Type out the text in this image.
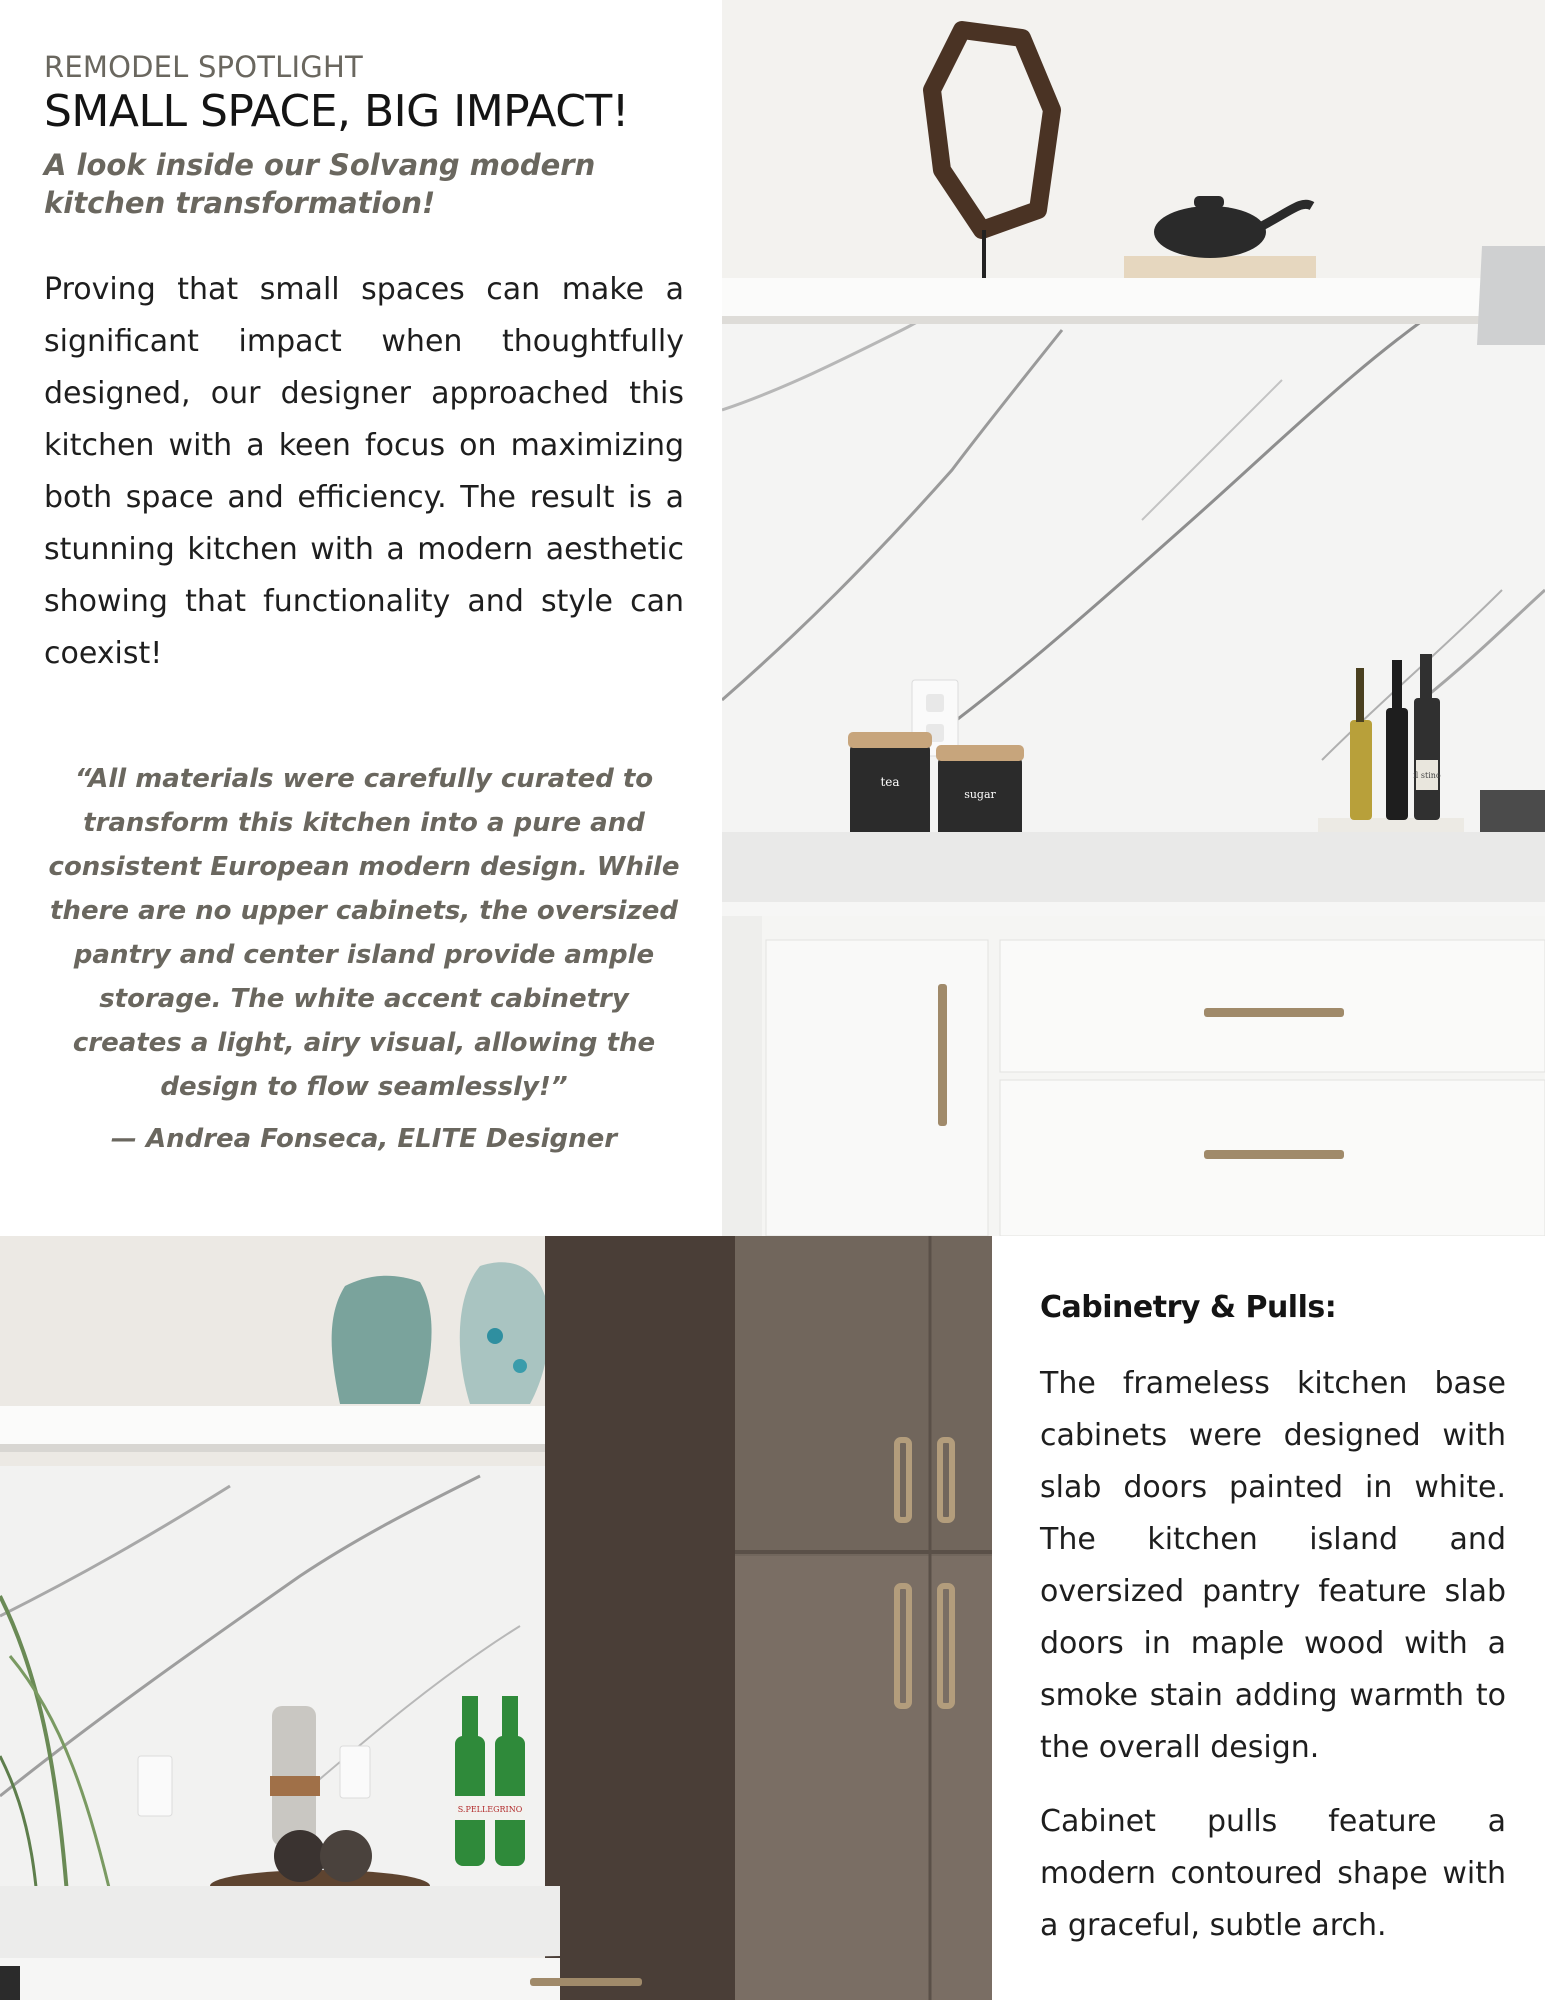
REMODEL SPOTLIGHT
SMALL SPACE, BIG IMPACT!
A look inside our Solvang modern kitchen transformation!
Proving that small spaces can make a significant impact when thoughtfully designed, our designer approached this kitchen with a keen focus on maximizing both space and efficiency. The result is a stunning kitchen with a modern aesthetic showing that functionality and style can coexist!
“All materials were carefully curated to transform this kitchen into a pure and consistent European modern design. While there are no upper cabinets, the oversized pantry and center island provide ample storage. The white accent cabinetry creates a light, airy visual, allowing the design to flow seamlessly!”
— Andrea Fonseca, ELITE Designer
tea
sugar
il stino
S.PELLEGRINO
Cabinetry & Pulls:
The frameless kitchen base cabinets were designed with slab doors painted in white. The kitchen island and oversized pantry feature slab doors in maple wood with a smoke stain adding warmth to the overall design.
Cabinet pulls feature a modern contoured shape with a graceful, subtle arch.
